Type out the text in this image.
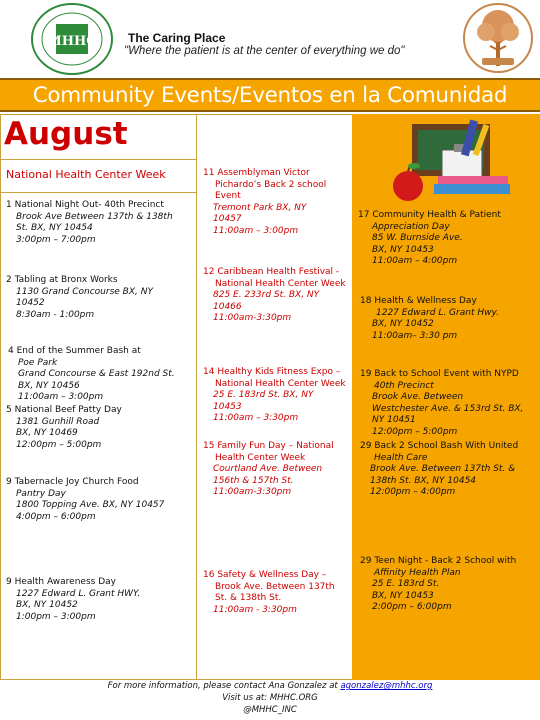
MHHC	The Caring Place
"Where the patient is at the center of everything we do"
Community Events/Eventos en la Comunidad
August
National Health Center Week
1 National Night Out- 40th Precinct
Brook Ave Between 137th & 138th
St. BX, NY 10454
3:00pm – 7:00pm
2 Tabling at Bronx Works
1130 Grand Concourse BX, NY
10452
8:30am - 1:00pm
4 End of the Summer Bash at
Poe Park
Grand Concourse & East 192nd St.
BX, NY 10456
11:00am – 3:00pm
5 National Beef Patty Day
1381 Gunhill Road
BX, NY 10469
12:00pm – 5:00pm
9 Tabernacle Joy Church Food
Pantry Day
1800 Topping Ave. BX, NY 10457
4:00pm – 6:00pm
9 Health Awareness Day
1227 Edward L. Grant HWY.
BX, NY 10452
1:00pm – 3:00pm
11 Assemblyman Victor Pichardo’s Back 2 school Event
Tremont Park BX, NY
10457
11:00am – 3:00pm
12 Caribbean Health Festival - National Health Center Week
825 E. 233rd St. BX, NY
10466
11:00am-3:30pm
14 Healthy Kids Fitness Expo – National Health Center Week
25 E. 183rd St. BX, NY
10453
11:00am – 3:30pm
15 Family Fun Day – National Health Center Week
Courtland Ave. Between
156th & 157th St.
11:00am-3:30pm
16 Safety & Wellness Day – Brook Ave. Between 137th St. & 138th St.
11:00am - 3:30pm
17 Community Health & Patient
Appreciation Day
85 W. Burnside Ave.
BX, NY 10453
11:00am – 4:00pm
18 Health & Wellness Day
1227 Edward L. Grant Hwy.
BX, NY 10452
11:00am– 3:30 pm
19 Back to School Event with NYPD
40th Precinct
Brook Ave. Between
Westchester Ave. & 153rd St. BX,
NY 10451
12:00pm – 5:00pm
29 Back 2 School Bash With United
Health Care
Brook Ave. Between 137th St. &
138th St. BX, NY 10454
12:00pm – 4:00pm
29 Teen Night - Back 2 School with
Affinity Health Plan
25 E. 183rd St.
BX, NY 10453
2:00pm – 6:00pm
For more information, please contact Ana Gonzalez at agonzalez@mhhc.org
Visit us at: MHHC.ORG
@MHHC_INC
